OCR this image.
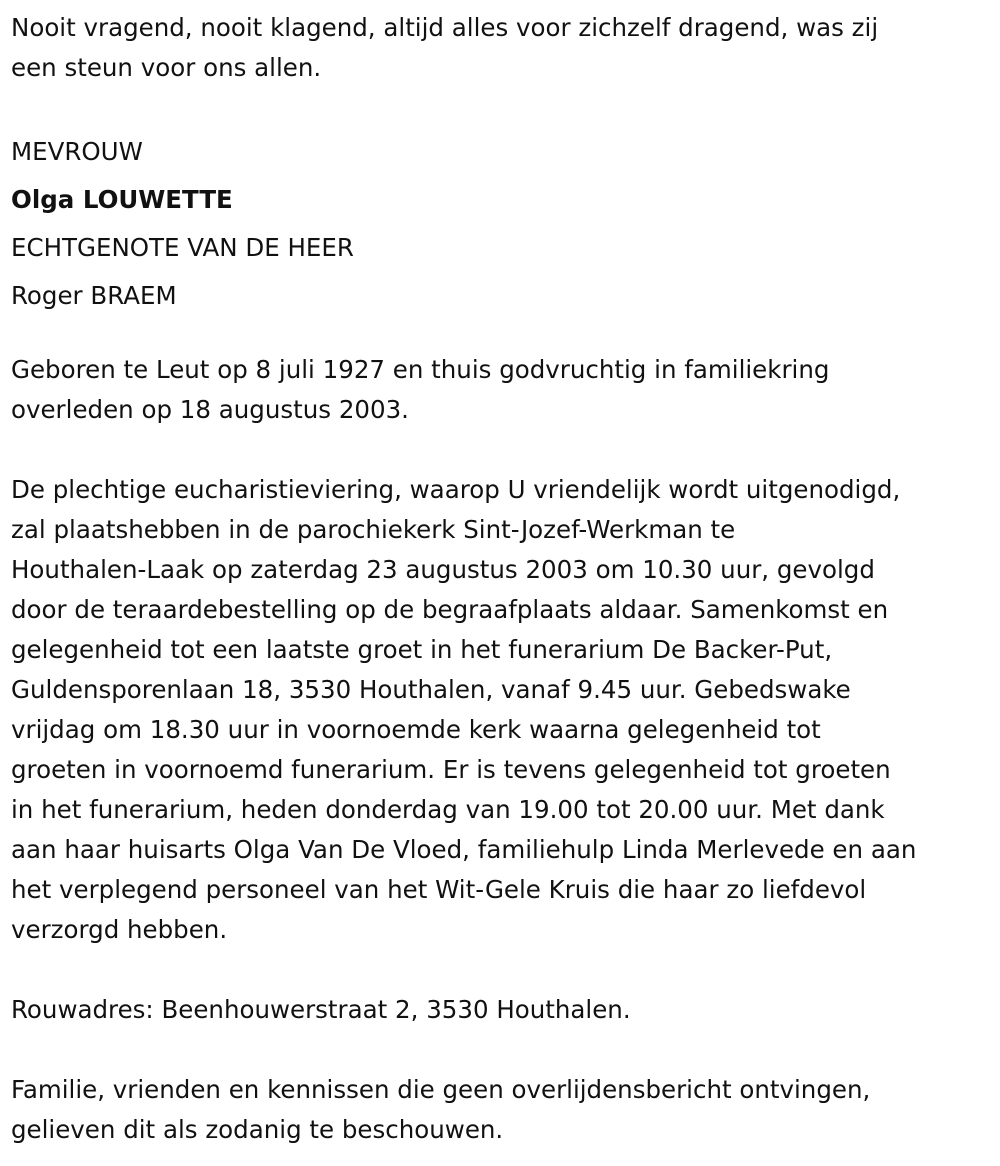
Nooit vragend, nooit klagend, altijd alles voor zichzelf dragend, was zij
een steun voor ons allen.

MEVROUW

Olga LOUWETTE

ECHTGENOTE VAN DE HEER

Roger BRAEM

Geboren te Leut op 8 juli 1927 en thuis godvruchtig in familiekring
overleden op 18 augustus 2003.

De plechtige eucharistieviering, waarop U vriendelijk wordt uitgenodigd,
zal plaatshebben in de parochiekerk Sint-Jozef-Werkman te
Houthalen-Laak op zaterdag 23 augustus 2003 om 10.30 uur, gevolgd
door de teraardebestelling op de begraafplaats aldaar. Samenkomst en
gelegenheid tot een laatste groet in het funerarium De Backer-Put,
Guldensporenlaan 18, 3530 Houthalen, vanaf 9.45 uur. Gebedswake
vrijdag om 18.30 uur in voornoemde kerk waarna gelegenheid tot
groeten in voornoemd funerarium. Er is tevens gelegenheid tot groeten
in het funerarium, heden donderdag van 19.00 tot 20.00 uur. Met dank
aan haar huisarts Olga Van De Vloed, familiehulp Linda Merlevede en aan
het verplegend personeel van het Wit-Gele Kruis die haar zo liefdevol
verzorgd hebben.

Rouwadres: Beenhouwerstraat 2, 3530 Houthalen.

Familie, vrienden en kennissen die geen overlijdensbericht ontvingen,
gelieven dit als zodanig te beschouwen.
